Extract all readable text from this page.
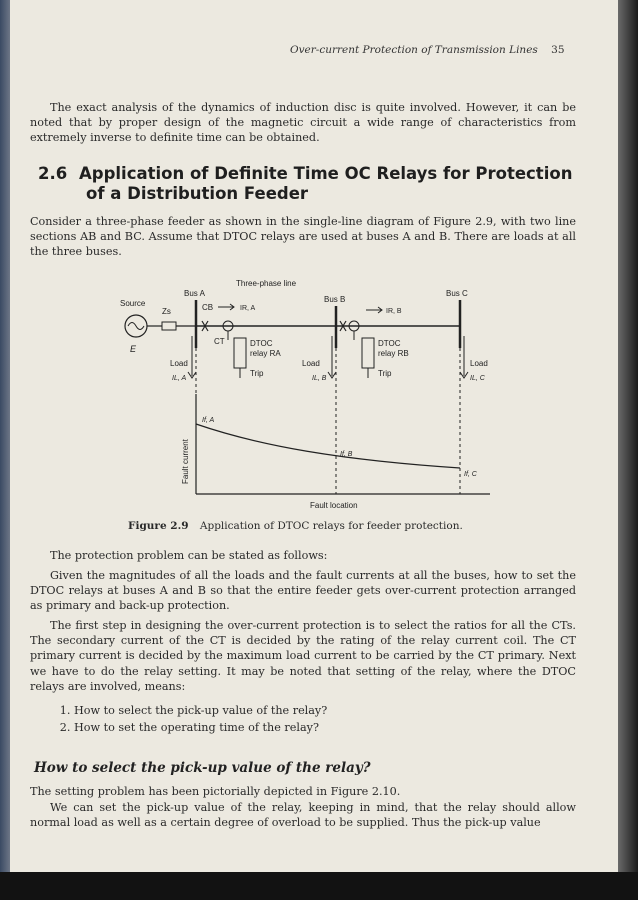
Over-current Protection of Transmission Lines 35
The exact analysis of the dynamics of induction disc is quite involved. However, it can be noted that by proper design of the magnetic circuit a wide range of characteristics from extremely inverse to definite time can be obtained.
2.6 Application of Definite Time OC Relays for Protection
of a Distribution Feeder
Consider a three-phase feeder as shown in the single-line diagram of Figure 2.9, with two line sections AB and BC. Assume that DTOC relays are used at buses A and B. There are loads at all the three buses.
Three-phase line
Source
E
Zs
Bus A
CB	IR, A
CT	DTOC
relay RA
Trip
Load
IL, A
Bus B
IR, B
DTOC
relay RB
Trip
Load
IL, B
Bus C
Load
IL, C
Fault current
Fault location
If, A
If, B
If, C
Figure 2.9 Application of DTOC relays for feeder protection.
The protection problem can be stated as follows:
Given the magnitudes of all the loads and the fault currents at all the buses, how to set the DTOC relays at buses A and B so that the entire feeder gets over-current protection arranged as primary and back-up protection.
The first step in designing the over-current protection is to select the ratios for all the CTs. The secondary current of the CT is decided by the rating of the relay current coil. The CT primary current is decided by the maximum load current to be carried by the CT primary. Next we have to do the relay setting. It may be noted that setting of the relay, where the DTOC relays are involved, means:
1. How to select the pick-up value of the relay?
2. How to set the operating time of the relay?
How to select the pick-up value of the relay?
The setting problem has been pictorially depicted in Figure 2.10.
We can set the pick-up value of the relay, keeping in mind, that the relay should allow normal load as well as a certain degree of overload to be supplied. Thus the pick-up value
